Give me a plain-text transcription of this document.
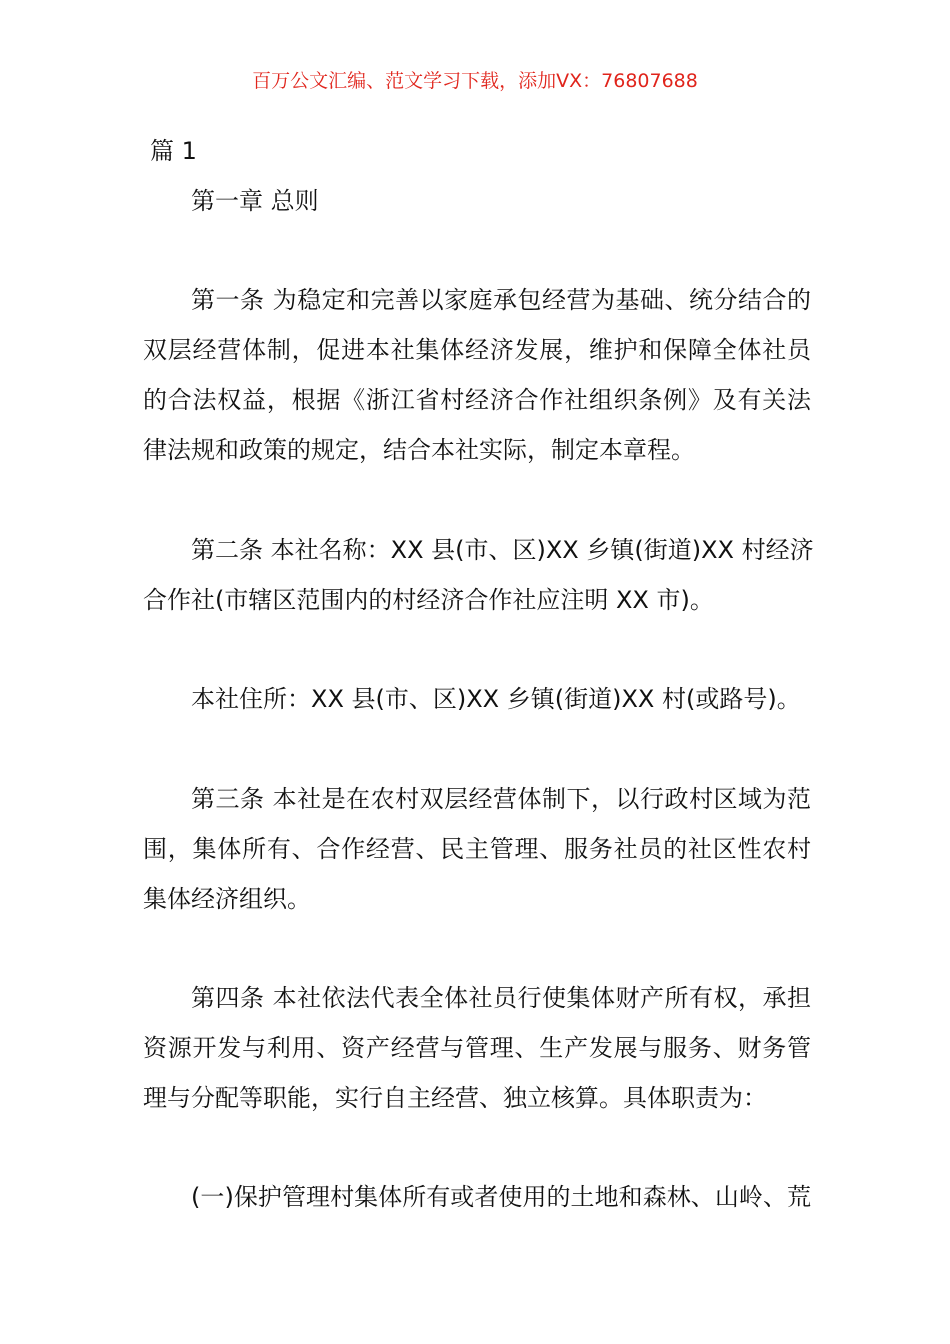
百万公文汇编、范文学习下载，添加VX：76807688
篇 1
第一章 总则
第一条 为稳定和完善以家庭承包经营为基础、统分结合的
双层经营体制，促进本社集体经济发展，维护和保障全体社员
的合法权益，根据《浙江省村经济合作社组织条例》及有关法
律法规和政策的规定，结合本社实际，制定本章程。
第二条 本社名称：XX 县(市、区)XX 乡镇(街道)XX 村经济
合作社(市辖区范围内的村经济合作社应注明 XX 市)。
本社住所：XX 县(市、区)XX 乡镇(街道)XX 村(或路号)。
第三条 本社是在农村双层经营体制下，以行政村区域为范
围，集体所有、合作经营、民主管理、服务社员的社区性农村
集体经济组织。
第四条 本社依法代表全体社员行使集体财产所有权，承担
资源开发与利用、资产经营与管理、生产发展与服务、财务管
理与分配等职能，实行自主经营、独立核算。具体职责为：
(一)保护管理村集体所有或者使用的土地和森林、山岭、荒
